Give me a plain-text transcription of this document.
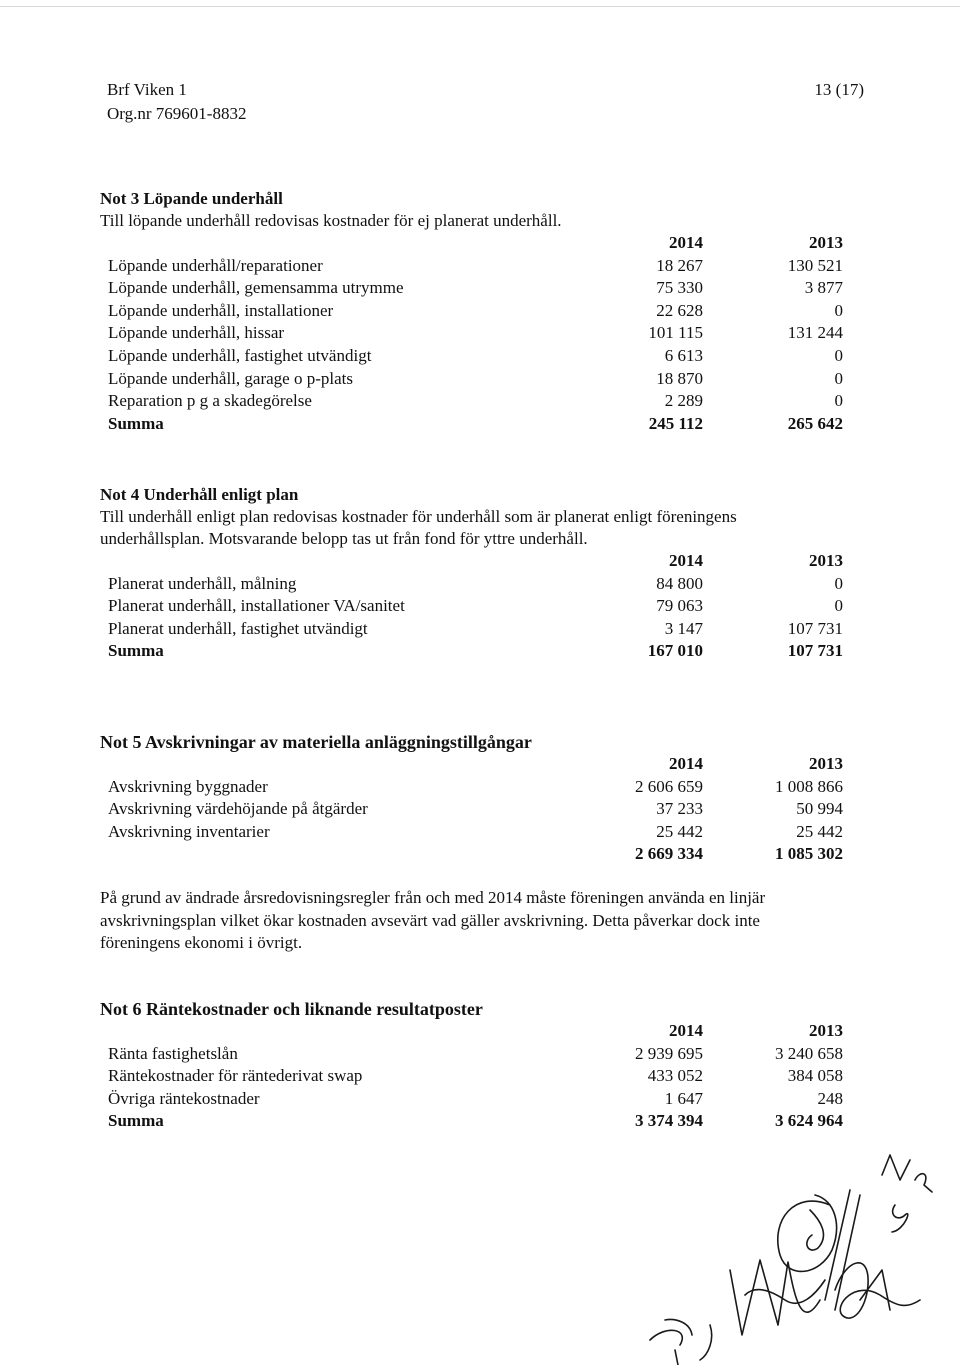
Brf Viken 1
Org.nr 769601-8832
13 (17)
Not 3 Löpande underhåll
Till löpande underhåll redovisas kostnader för ej planerat underhåll.
2014	2013
Löpande underhåll/reparationer	18 267	130 521
Löpande underhåll, gemensamma utrymme	75 330	3 877
Löpande underhåll, installationer	22 628	0
Löpande underhåll, hissar	101 115	131 244
Löpande underhåll, fastighet utvändigt	6 613	0
Löpande underhåll, garage o p-plats	18 870	0
Reparation p g a skadegörelse	2 289	0
Summa	245 112	265 642
Not 4 Underhåll enligt plan
Till underhåll enligt plan redovisas kostnader för underhåll som är planerat enligt föreningens
underhållsplan. Motsvarande belopp tas ut från fond för yttre underhåll.
2014	2013
Planerat underhåll, målning	84 800	0
Planerat underhåll, installationer VA/sanitet	79 063	0
Planerat underhåll, fastighet utvändigt	3 147	107 731
Summa	167 010	107 731
Not 5 Avskrivningar av materiella anläggningstillgångar
2014	2013
Avskrivning byggnader	2 606 659	1 008 866
Avskrivning värdehöjande på åtgärder	37 233	50 994
Avskrivning inventarier	25 442	25 442
2 669 334	1 085 302
På grund av ändrade årsredovisningsregler från och med 2014 måste föreningen använda en linjär
avskrivningsplan vilket ökar kostnaden avsevärt vad gäller avskrivning. Detta påverkar dock inte
föreningens ekonomi i övrigt.
Not 6 Räntekostnader och liknande resultatposter
2014	2013
Ränta fastighetslån	2 939 695	3 240 658
Räntekostnader för räntederivat swap	433 052	384 058
Övriga räntekostnader	1 647	248
Summa	3 374 394	3 624 964
